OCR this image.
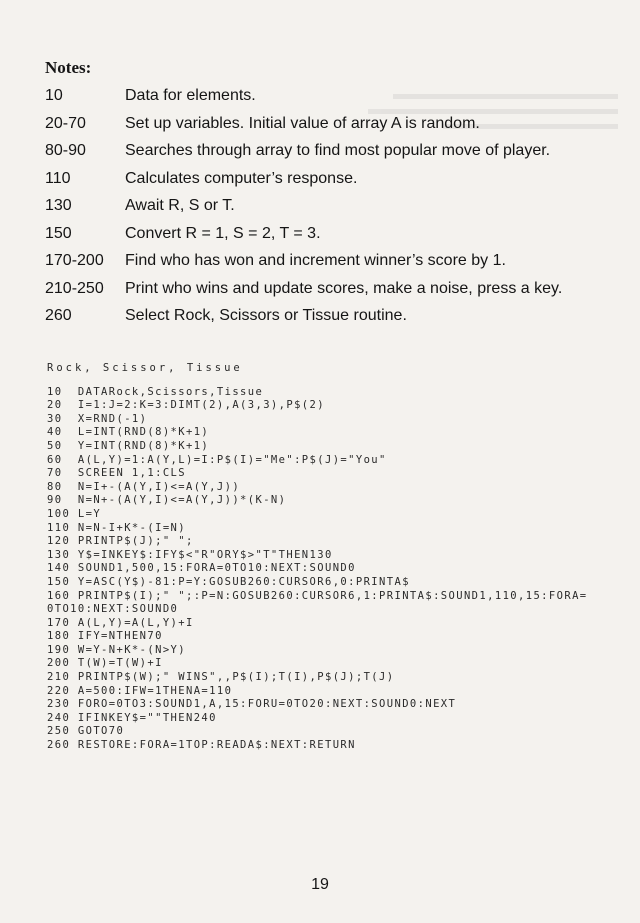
Notes:
10	Data for elements.
20-70	Set up variables. Initial value of array A is random.
80-90	Searches through array to find most popular move of player.
110	Calculates computer’s response.
130	Await R, S or T.
150	Convert R = 1, S = 2, T = 3.
170-200	Find who has won and increment winner’s score by 1.
210-250	Print who wins and update scores, make a noise, press a key.
260	Select Rock, Scissors or Tissue routine.
Rock, Scissor, Tissue
10  DATARock,Scissors,Tissue
20  I=1:J=2:K=3:DIMT(2),A(3,3),P$(2)
30  X=RND(-1)
40  L=INT(RND(8)*K+1)
50  Y=INT(RND(8)*K+1)
60  A(L,Y)=1:A(Y,L)=I:P$(I)="Me":P$(J)="You"
70  SCREEN 1,1:CLS
80  N=I+-(A(Y,I)<=A(Y,J))
90  N=N+-(A(Y,I)<=A(Y,J))*(K-N)
100 L=Y
110 N=N-I+K*-(I=N)
120 PRINTP$(J);" ";
130 Y$=INKEY$:IFY$<"R"ORY$>"T"THEN130
140 SOUND1,500,15:FORA=0TO10:NEXT:SOUND0
150 Y=ASC(Y$)-81:P=Y:GOSUB260:CURSOR6,0:PRINTA$
160 PRINTP$(I);" ";:P=N:GOSUB260:CURSOR6,1:PRINTA$:SOUND1,110,15:FORA=0TO10:NEXT:SOUND0
170 A(L,Y)=A(L,Y)+I
180 IFY=NTHEN70
190 W=Y-N+K*-(N>Y)
200 T(W)=T(W)+I
210 PRINTP$(W);" WINS",,P$(I);T(I),P$(J);T(J)
220 A=500:IFW=1THENA=110
230 FORO=0TO3:SOUND1,A,15:FORU=0TO20:NEXT:SOUND0:NEXT
240 IFINKEY$=""THEN240
250 GOTO70
260 RESTORE:FORA=1TOP:READA$:NEXT:RETURN
19
